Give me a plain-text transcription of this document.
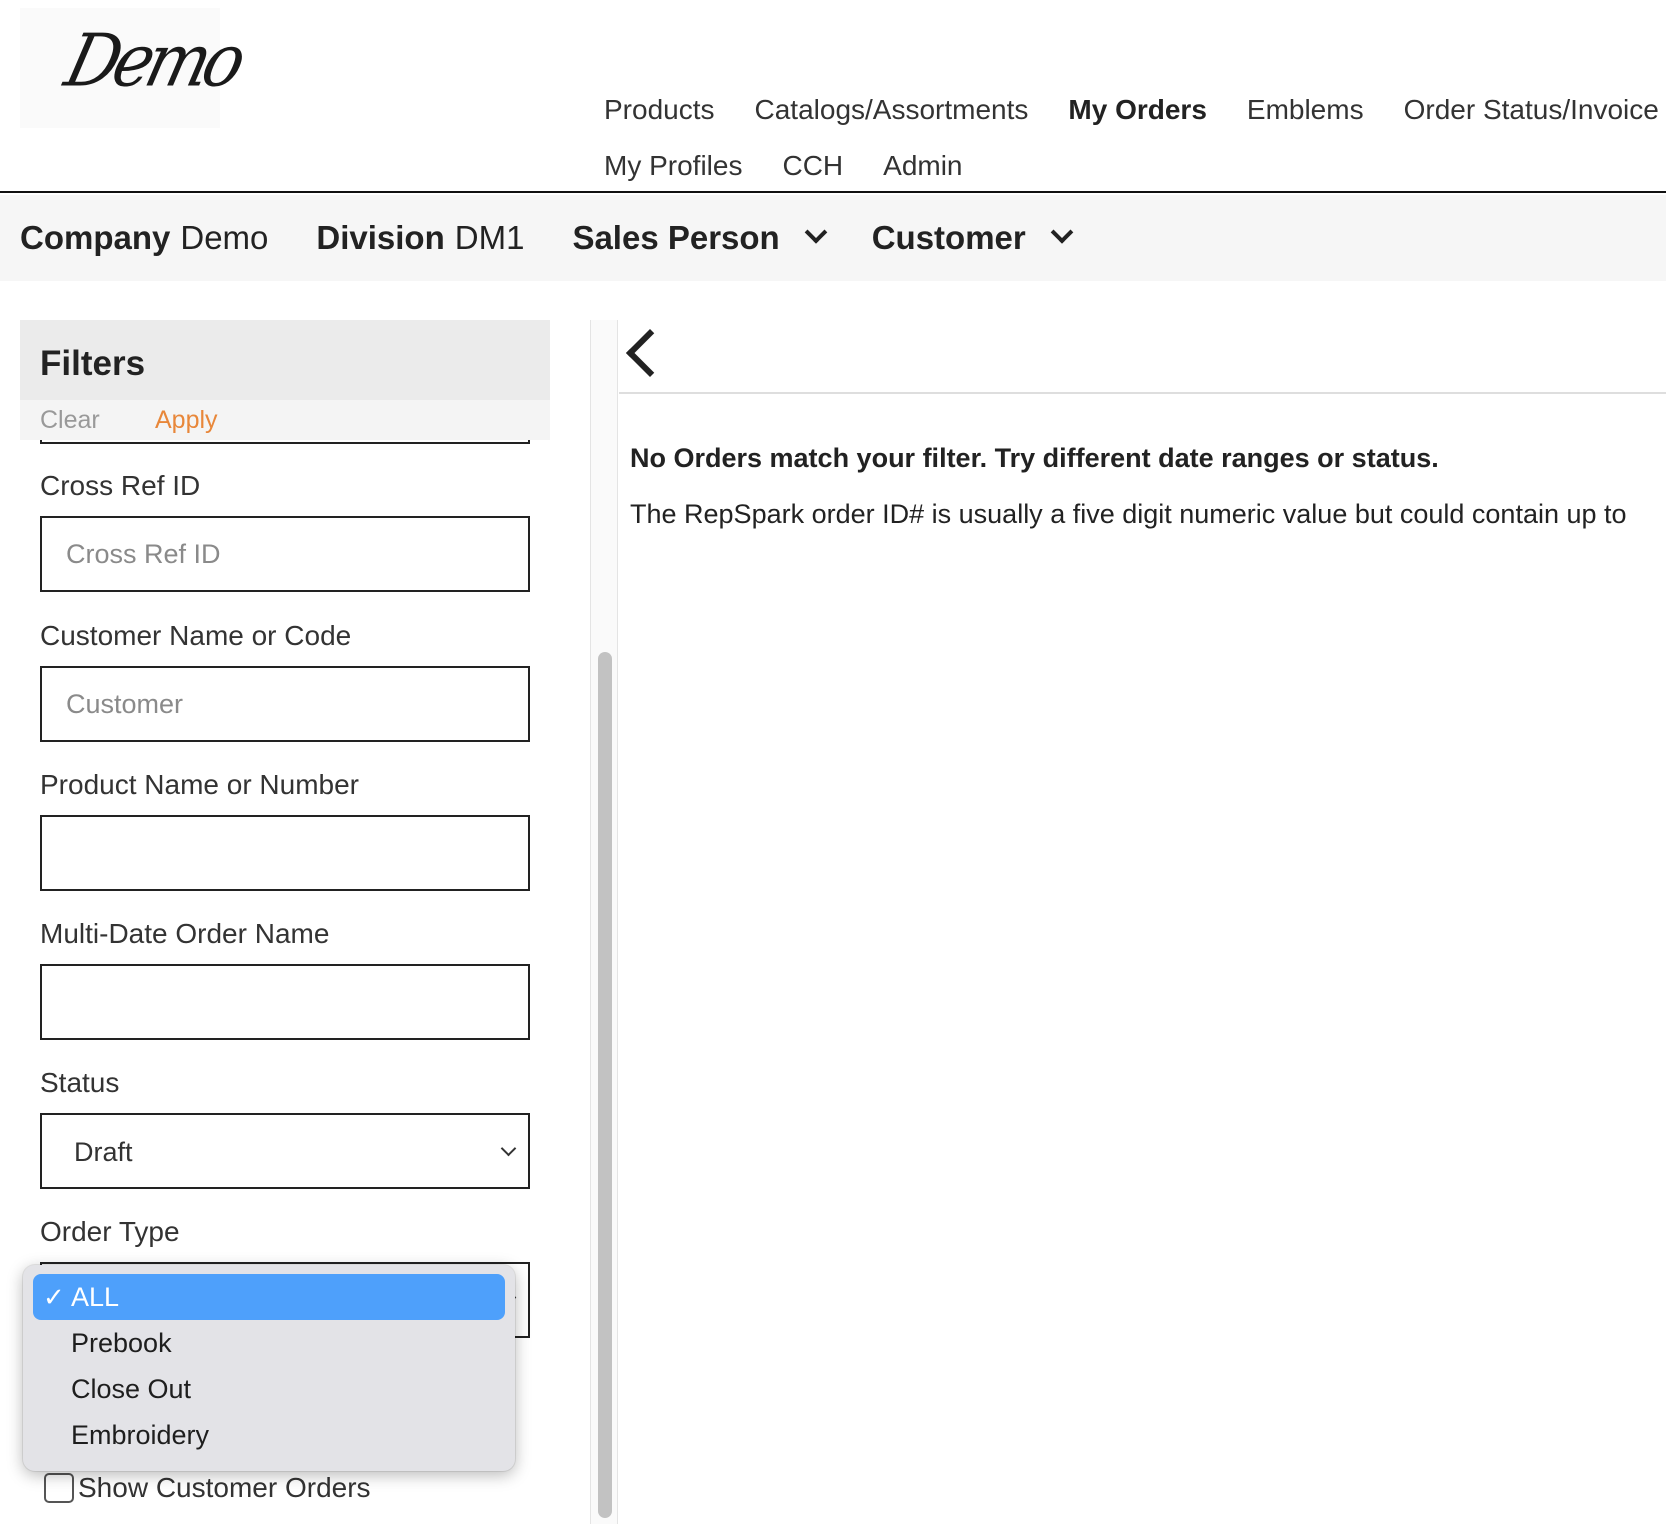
Demo
Products Catalogs/Assortments My Orders Emblems Order Status/Invoice
My Profiles CCH Admin
Company Demo Division DM1 Sales Person	Customer
Filters
Clear Apply
Cross Ref ID
Cross Ref ID
Customer Name or Code
Customer
Product Name or Number
Multi-Date Order Name
Status
Draft
Order Type
Show Customer Orders
✓ ALL
Prebook
Close Out
Embroidery
No Orders match your filter. Try different date ranges or status.
The RepSpark order ID# is usually a five digit numeric value but could contain up to
